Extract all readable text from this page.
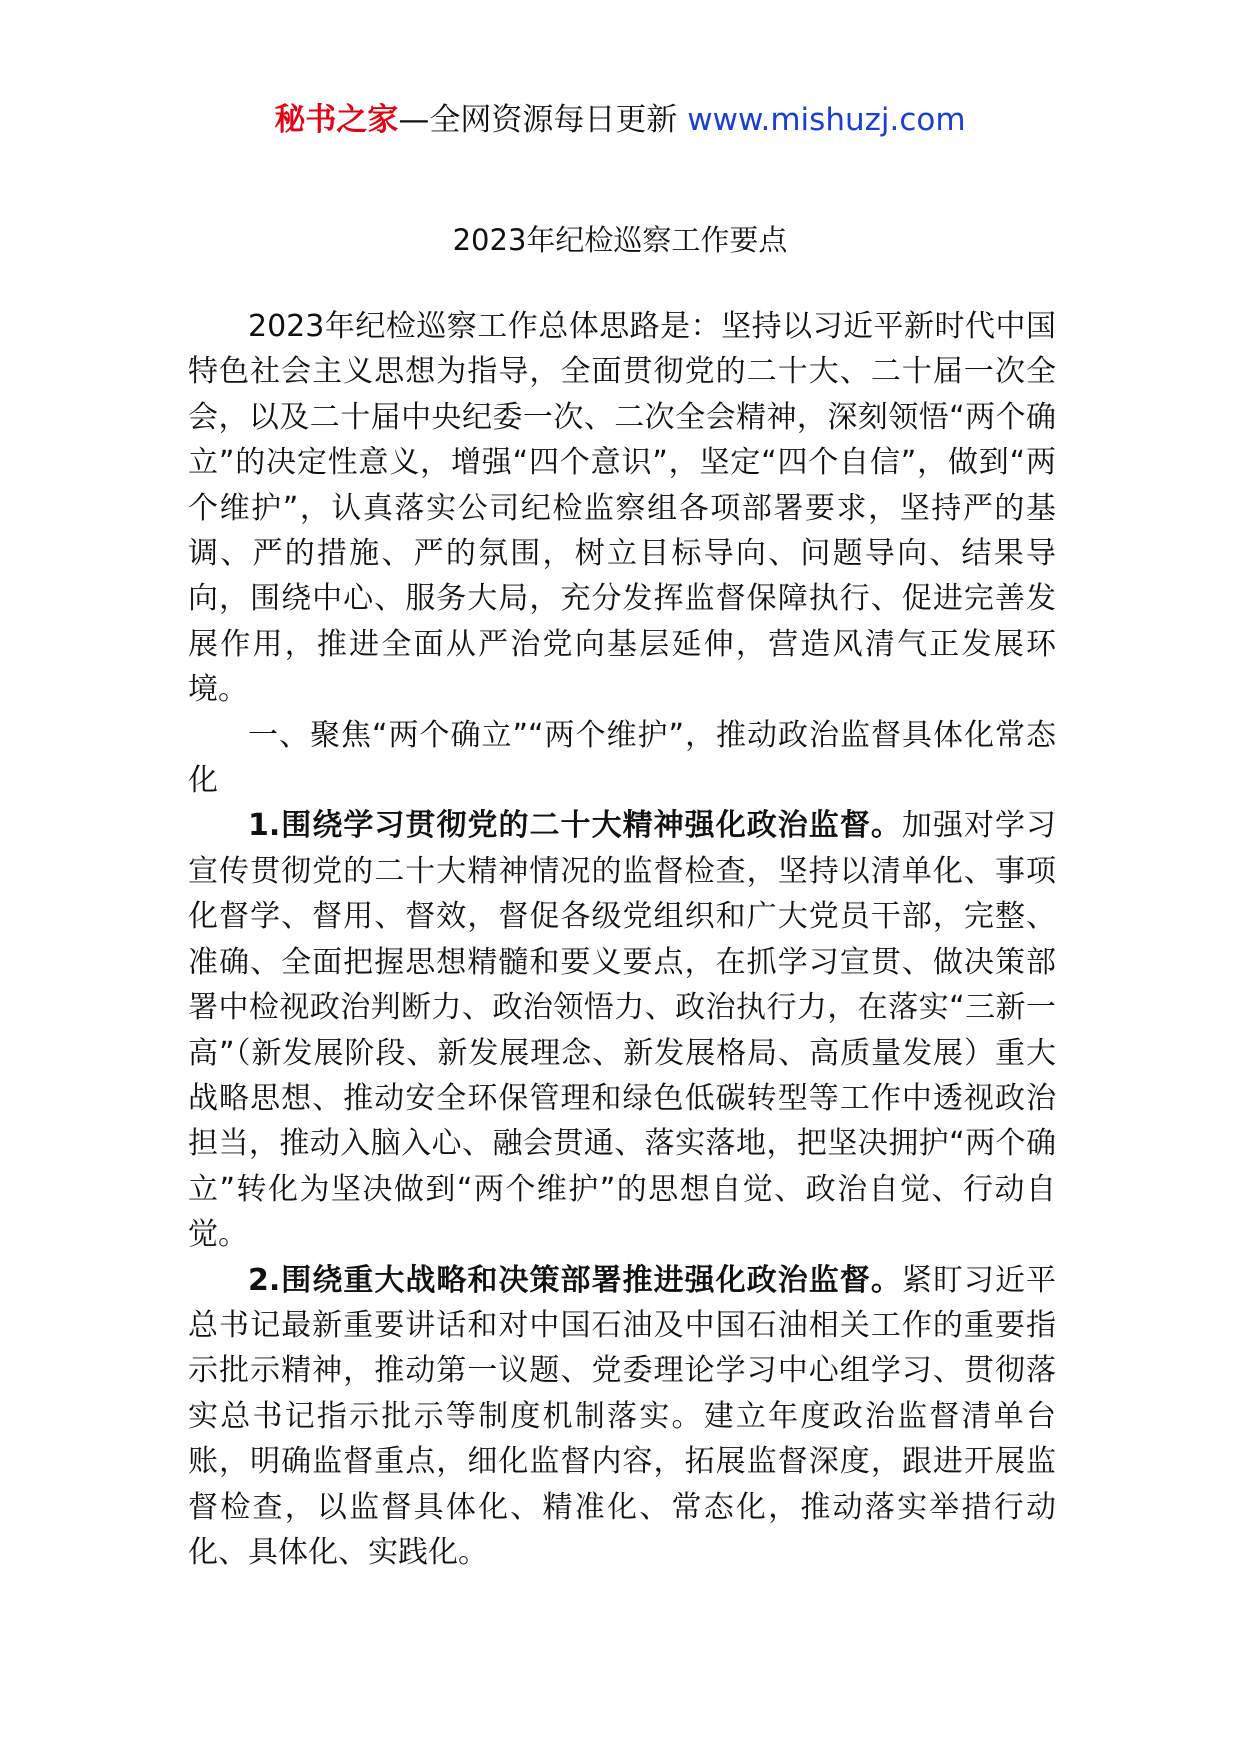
秘书之家—全网资源每日更新 www.mishuzj.com
2023年纪检巡察工作要点

2023年纪检巡察工作总体思路是：坚持以习近平新时代中国特色社会主义思想为指导，全面贯彻党的二十大、二十届一次全会，以及二十届中央纪委一次、二次全会精神，深刻领悟“两个确立”的决定性意义，增强“四个意识”，坚定“四个自信”，做到“两个维护”，认真落实公司纪检监察组各项部署要求，坚持严的基调、严的措施、严的氛围，树立目标导向、问题导向、结果导向，围绕中心、服务大局，充分发挥监督保障执行、促进完善发展作用，推进全面从严治党向基层延伸，营造风清气正发展环境。

一、聚焦“两个确立”“两个维护”，推动政治监督具体化常态化

1.围绕学习贯彻党的二十大精神强化政治监督。加强对学习宣传贯彻党的二十大精神情况的监督检查，坚持以清单化、事项化督学、督用、督效，督促各级党组织和广大党员干部，完整、准确、全面把握思想精髓和要义要点，在抓学习宣贯、做决策部署中检视政治判断力、政治领悟力、政治执行力，在落实“三新一高”（新发展阶段、新发展理念、新发展格局、高质量发展）重大战略思想、推动安全环保管理和绿色低碳转型等工作中透视政治担当，推动入脑入心、融会贯通、落实落地，把坚决拥护“两个确立”转化为坚决做到“两个维护”的思想自觉、政治自觉、行动自觉。

2.围绕重大战略和决策部署推进强化政治监督。紧盯习近平总书记最新重要讲话和对中国石油及中国石油相关工作的重要指示批示精神，推动第一议题、党委理论学习中心组学习、贯彻落实总书记指示批示等制度机制落实。建立年度政治监督清单台账，明确监督重点，细化监督内容，拓展监督深度，跟进开展监督检查，以监督具体化、精准化、常态化，推动落实举措行动化、具体化、实践化。
